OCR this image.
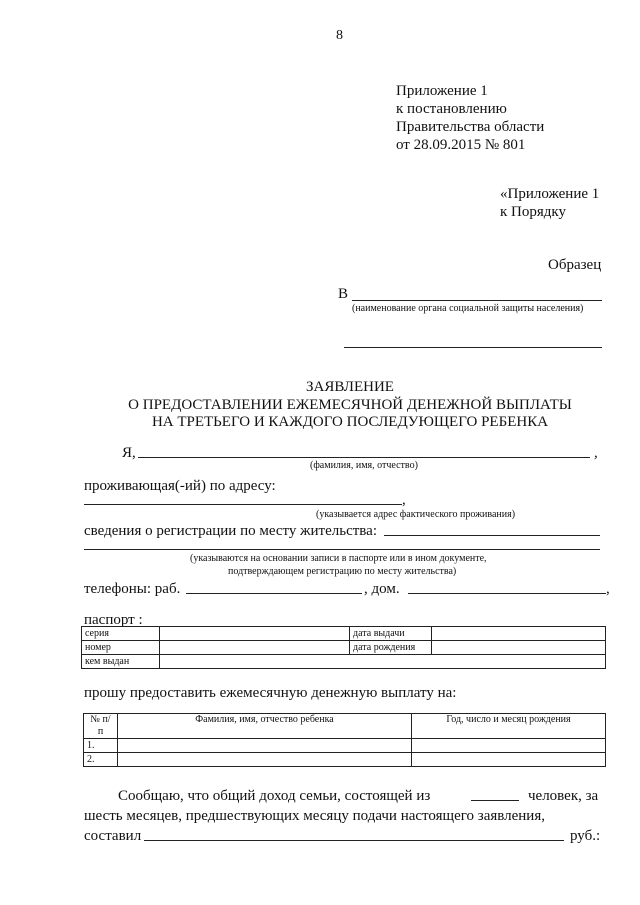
8
Приложение 1
к постановлению
Правительства области
от 28.09.2015 № 801
«Приложение 1
к Порядку
Образец
В
(наименование органа социальной защиты населения)
ЗАЯВЛЕНИЕ
О ПРЕДОСТАВЛЕНИИ ЕЖЕМЕСЯЧНОЙ ДЕНЕЖНОЙ ВЫПЛАТЫ
НА ТРЕТЬЕГО И КАЖДОГО ПОСЛЕДУЮЩЕГО РЕБЕНКА
Я,	,
(фамилия, имя, отчество)
проживающая(-ий) по адресу:
,
(указывается адрес фактического проживания)
сведения о регистрации по месту жительства:
(указываются на основании записи в паспорте или в ином документе,
подтверждающем регистрацию по месту жительства)
телефоны: раб.	, дом.	,
паспорт :
серия		дата выдачи	
номер		дата рождения	
кем выдан			
прошу предоставить ежемесячную денежную выплату на:
№ п/п	Фамилия, имя, отчество ребенка	Год, число и месяц рождения
1.		
2.		
Сообщаю, что общий доход семьи, состоящей из	человек, за
шесть месяцев, предшествующих месяцу подачи настоящего заявления,
составил	руб.:
